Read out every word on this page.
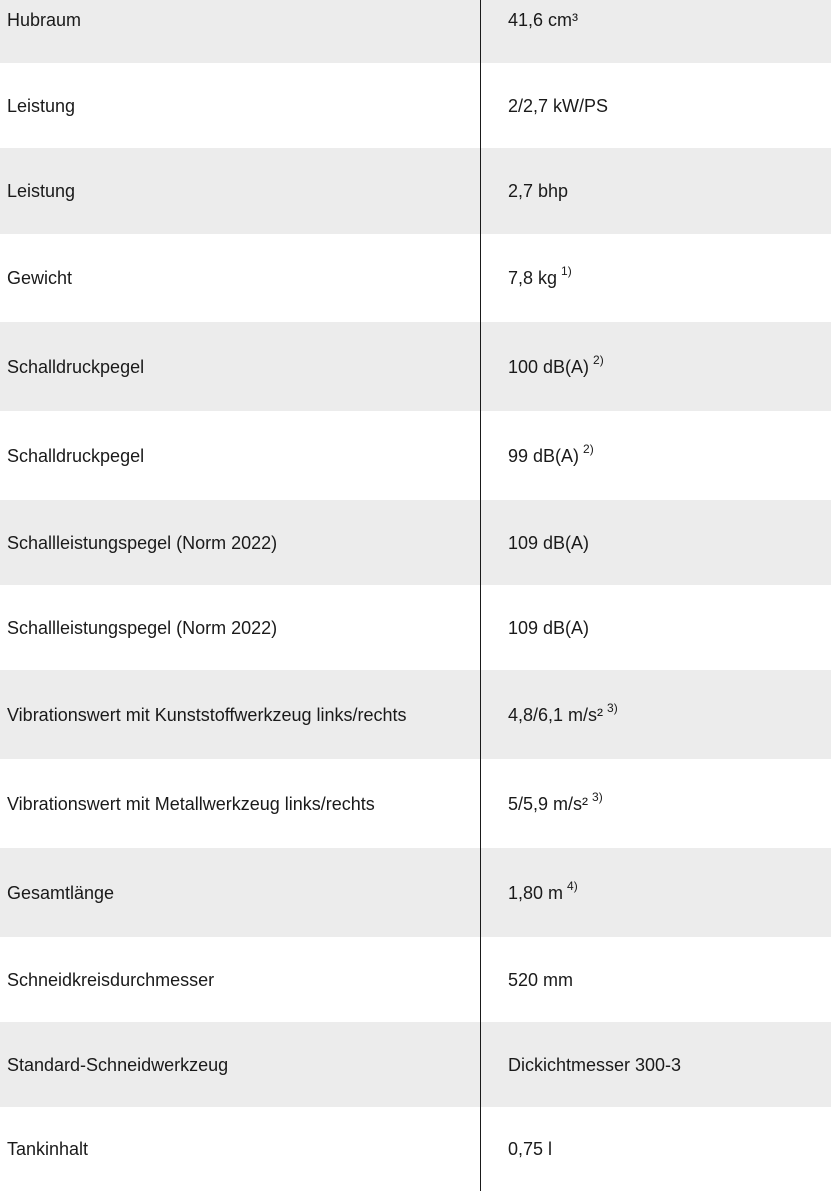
Hubraum	41,6 cm³
Leistung	2/2,7 kW/PS
Leistung	2,7 bhp
Gewicht	7,8 kg 1)
Schalldruckpegel	100 dB(A) 2)
Schalldruckpegel	99 dB(A) 2)
Schallleistungspegel (Norm 2022)	109 dB(A)
Schallleistungspegel (Norm 2022)	109 dB(A)
Vibrationswert mit Kunststoffwerkzeug links/rechts	4,8/6,1 m/s² 3)
Vibrationswert mit Metallwerkzeug links/rechts	5/5,9 m/s² 3)
Gesamtlänge	1,80 m 4)
Schneidkreisdurchmesser	520 mm
Standard-Schneidwerkzeug	Dickichtmesser 300-3
Tankinhalt	0,75 l
